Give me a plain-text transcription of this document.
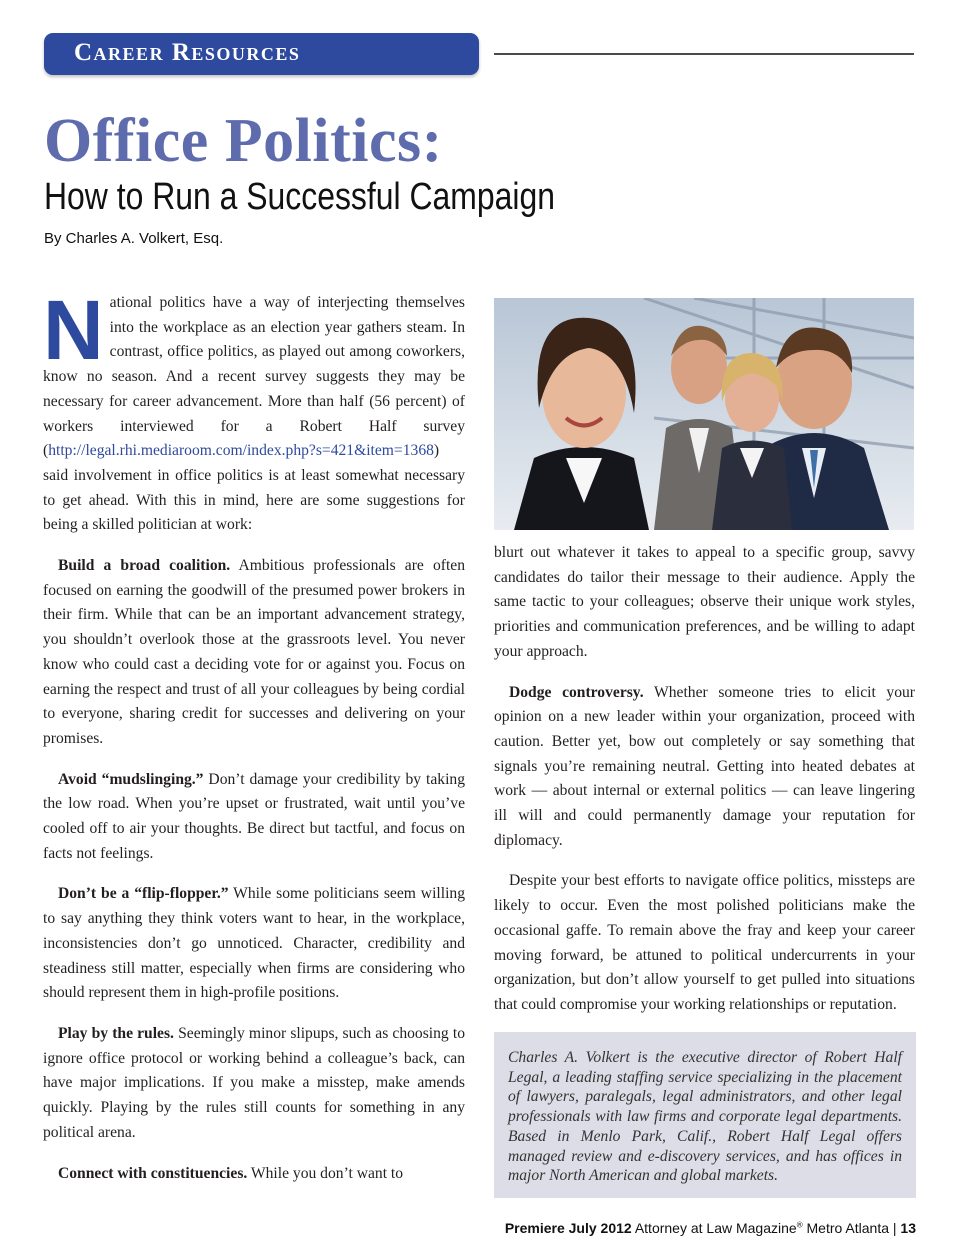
Career Resources
Office Politics:
How to Run a Successful Campaign
By Charles A. Volkert, Esq.

National politics have a way of interjecting themselves into the workplace as an election year gathers steam. In contrast, office politics, as played out among coworkers, know no season. And a recent survey suggests they may be necessary for career advancement. More than half (56 percent) of workers interviewed for a Robert Half survey (http://legal.rhi.mediaroom.com/index.php?s=421&item=1368) said involvement in office politics is at least somewhat necessary to get ahead. With this in mind, here are some suggestions for being a skilled politician at work:

Build a broad coalition. Ambitious professionals are often focused on earning the goodwill of the presumed power brokers in their firm. While that can be an important advancement strategy, you shouldn’t overlook those at the grassroots level. You never know who could cast a deciding vote for or against you. Focus on earning the respect and trust of all your colleagues by being cordial to everyone, sharing credit for successes and delivering on your promises.

Avoid “mudslinging.” Don’t damage your credibility by taking the low road. When you’re upset or frustrated, wait until you’ve cooled off to air your thoughts. Be direct but tactful, and focus on facts not feelings.

Don’t be a “flip-flopper.” While some politicians seem willing to say anything they think voters want to hear, in the workplace, inconsistencies don’t go unnoticed. Character, credibility and steadiness still matter, especially when firms are considering who should represent them in high-profile positions.

Play by the rules. Seemingly minor slipups, such as choosing to ignore office protocol or working behind a colleague’s back, can have major implications. If you make a misstep, make amends quickly. Playing by the rules still counts for something in any political arena.

Connect with constituencies. While you don’t want to

blurt out whatever it takes to appeal to a specific group, savvy candidates do tailor their message to their audience. Apply the same tactic to your colleagues; observe their unique work styles, priorities and communication preferences, and be willing to adapt your approach.

Dodge controversy. Whether someone tries to elicit your opinion on a new leader within your organization, proceed with caution. Better yet, bow out completely or say something that signals you’re remaining neutral. Getting into heated debates at work — about internal or external politics — can leave lingering ill will and could permanently damage your reputation for diplomacy.

Despite your best efforts to navigate office politics, missteps are likely to occur. Even the most polished politicians make the occasional gaffe. To remain above the fray and keep your career moving forward, be attuned to political undercurrents in your organization, but don’t allow yourself to get pulled into situations that could compromise your working relationships or reputation.

Charles A. Volkert is the executive director of Robert Half Legal, a leading staffing service specializing in the placement of lawyers, paralegals, legal administrators, and other legal professionals with law firms and corporate legal departments. Based in Menlo Park, Calif., Robert Half Legal offers managed review and e-discovery services, and has offices in major North American and global markets.

Premiere July 2012 Attorney at Law Magazine® Metro Atlanta | 13
